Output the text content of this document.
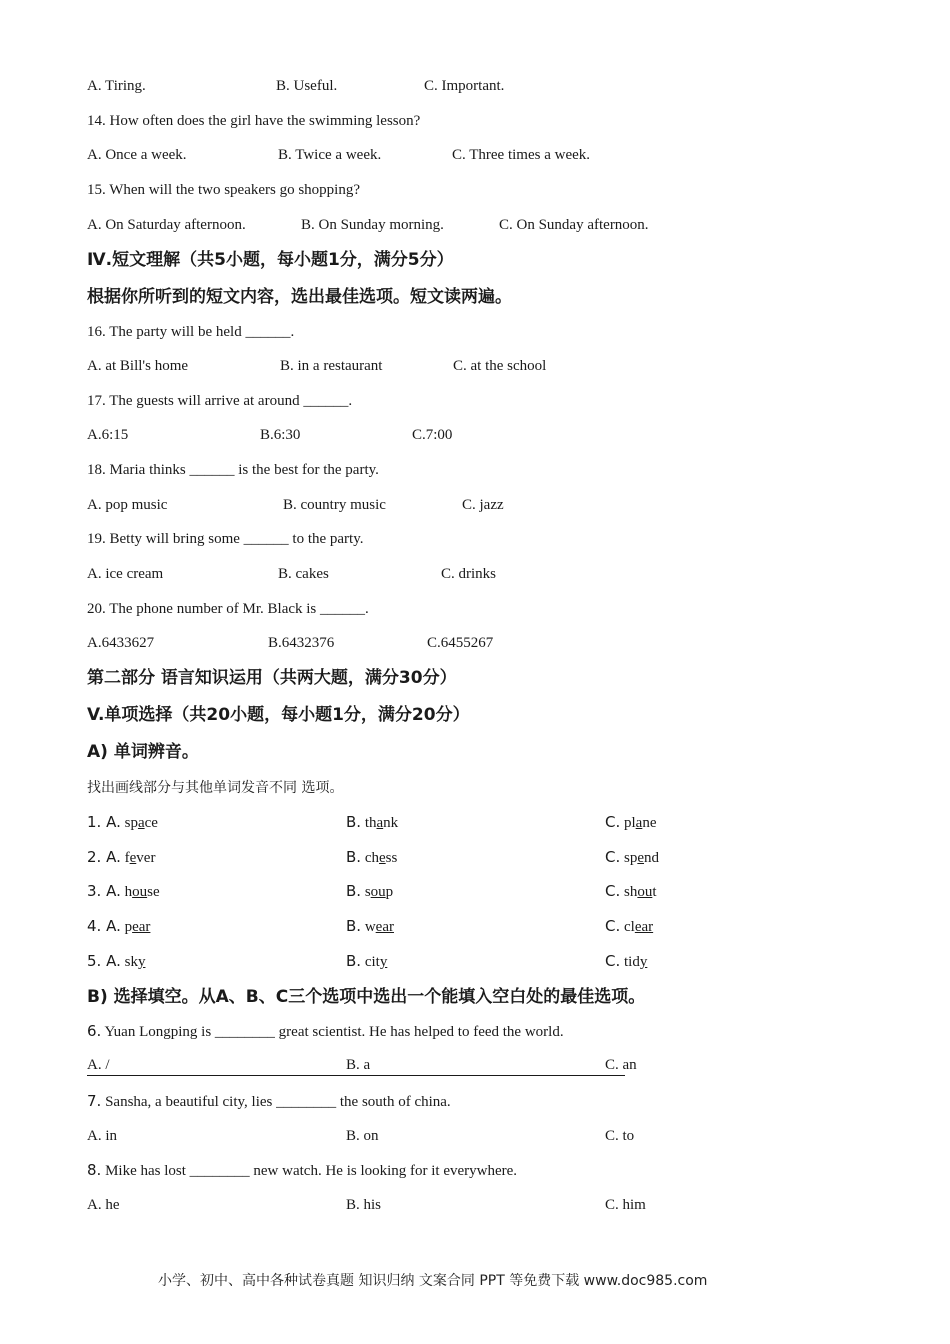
A. Tiring.	B. Useful.	C. Important.
14. How often does the girl have the swimming lesson?
A. Once a week.	B. Twice a week.	C. Three times a week.
15. When will the two speakers go shopping?
A. On Saturday afternoon.	B. On Sunday morning.	C. On Sunday afternoon.
Ⅳ.短文理解（共5小题，每小题1分，满分5分）
根据你所听到的短文内容，选出最佳选项。短文读两遍。
16. The party will be held ______.
A. at Bill's home	B. in a restaurant	C. at the school
17. The guests will arrive at around ______.
A.6:15	B.6:30	C.7:00
18. Maria thinks ______ is the best for the party.
A. pop music	B. country music	C. jazz
19. Betty will bring some ______ to the party.
A. ice cream	B. cakes	C. drinks
20. The phone number of Mr. Black is ______.
A.6433627	B.6432376	C.6455267
第二部分 语言知识运用（共两大题，满分30分）
V.单项选择（共20小题，每小题1分，满分20分）
A) 单词辨音。
找出画线部分与其他单词发音不同 选项。
1. A. space	B. thank	C. plane
2. A. fever	B. chess	C. spend
3. A. house	B. soup	C. shout
4. A. pear	B. wear	C. clear
5. A. sky	B. city	C. tidy
B) 选择填空。从A、B、C三个选项中选出一个能填入空白处的最佳选项。
6. Yuan Longping is ________ great scientist. He has helped to feed the world.
A. /	B. a	C. an
7. Sansha, a beautiful city, lies ________ the south of china.
A. in	B. on	C. to
8. Mike has lost ________ new watch. He is looking for it everywhere.
A. he	B. his	C. him
小学、初中、高中各种试卷真题 知识归纳 文案合同 PPT 等免费下载 www.doc985.com
